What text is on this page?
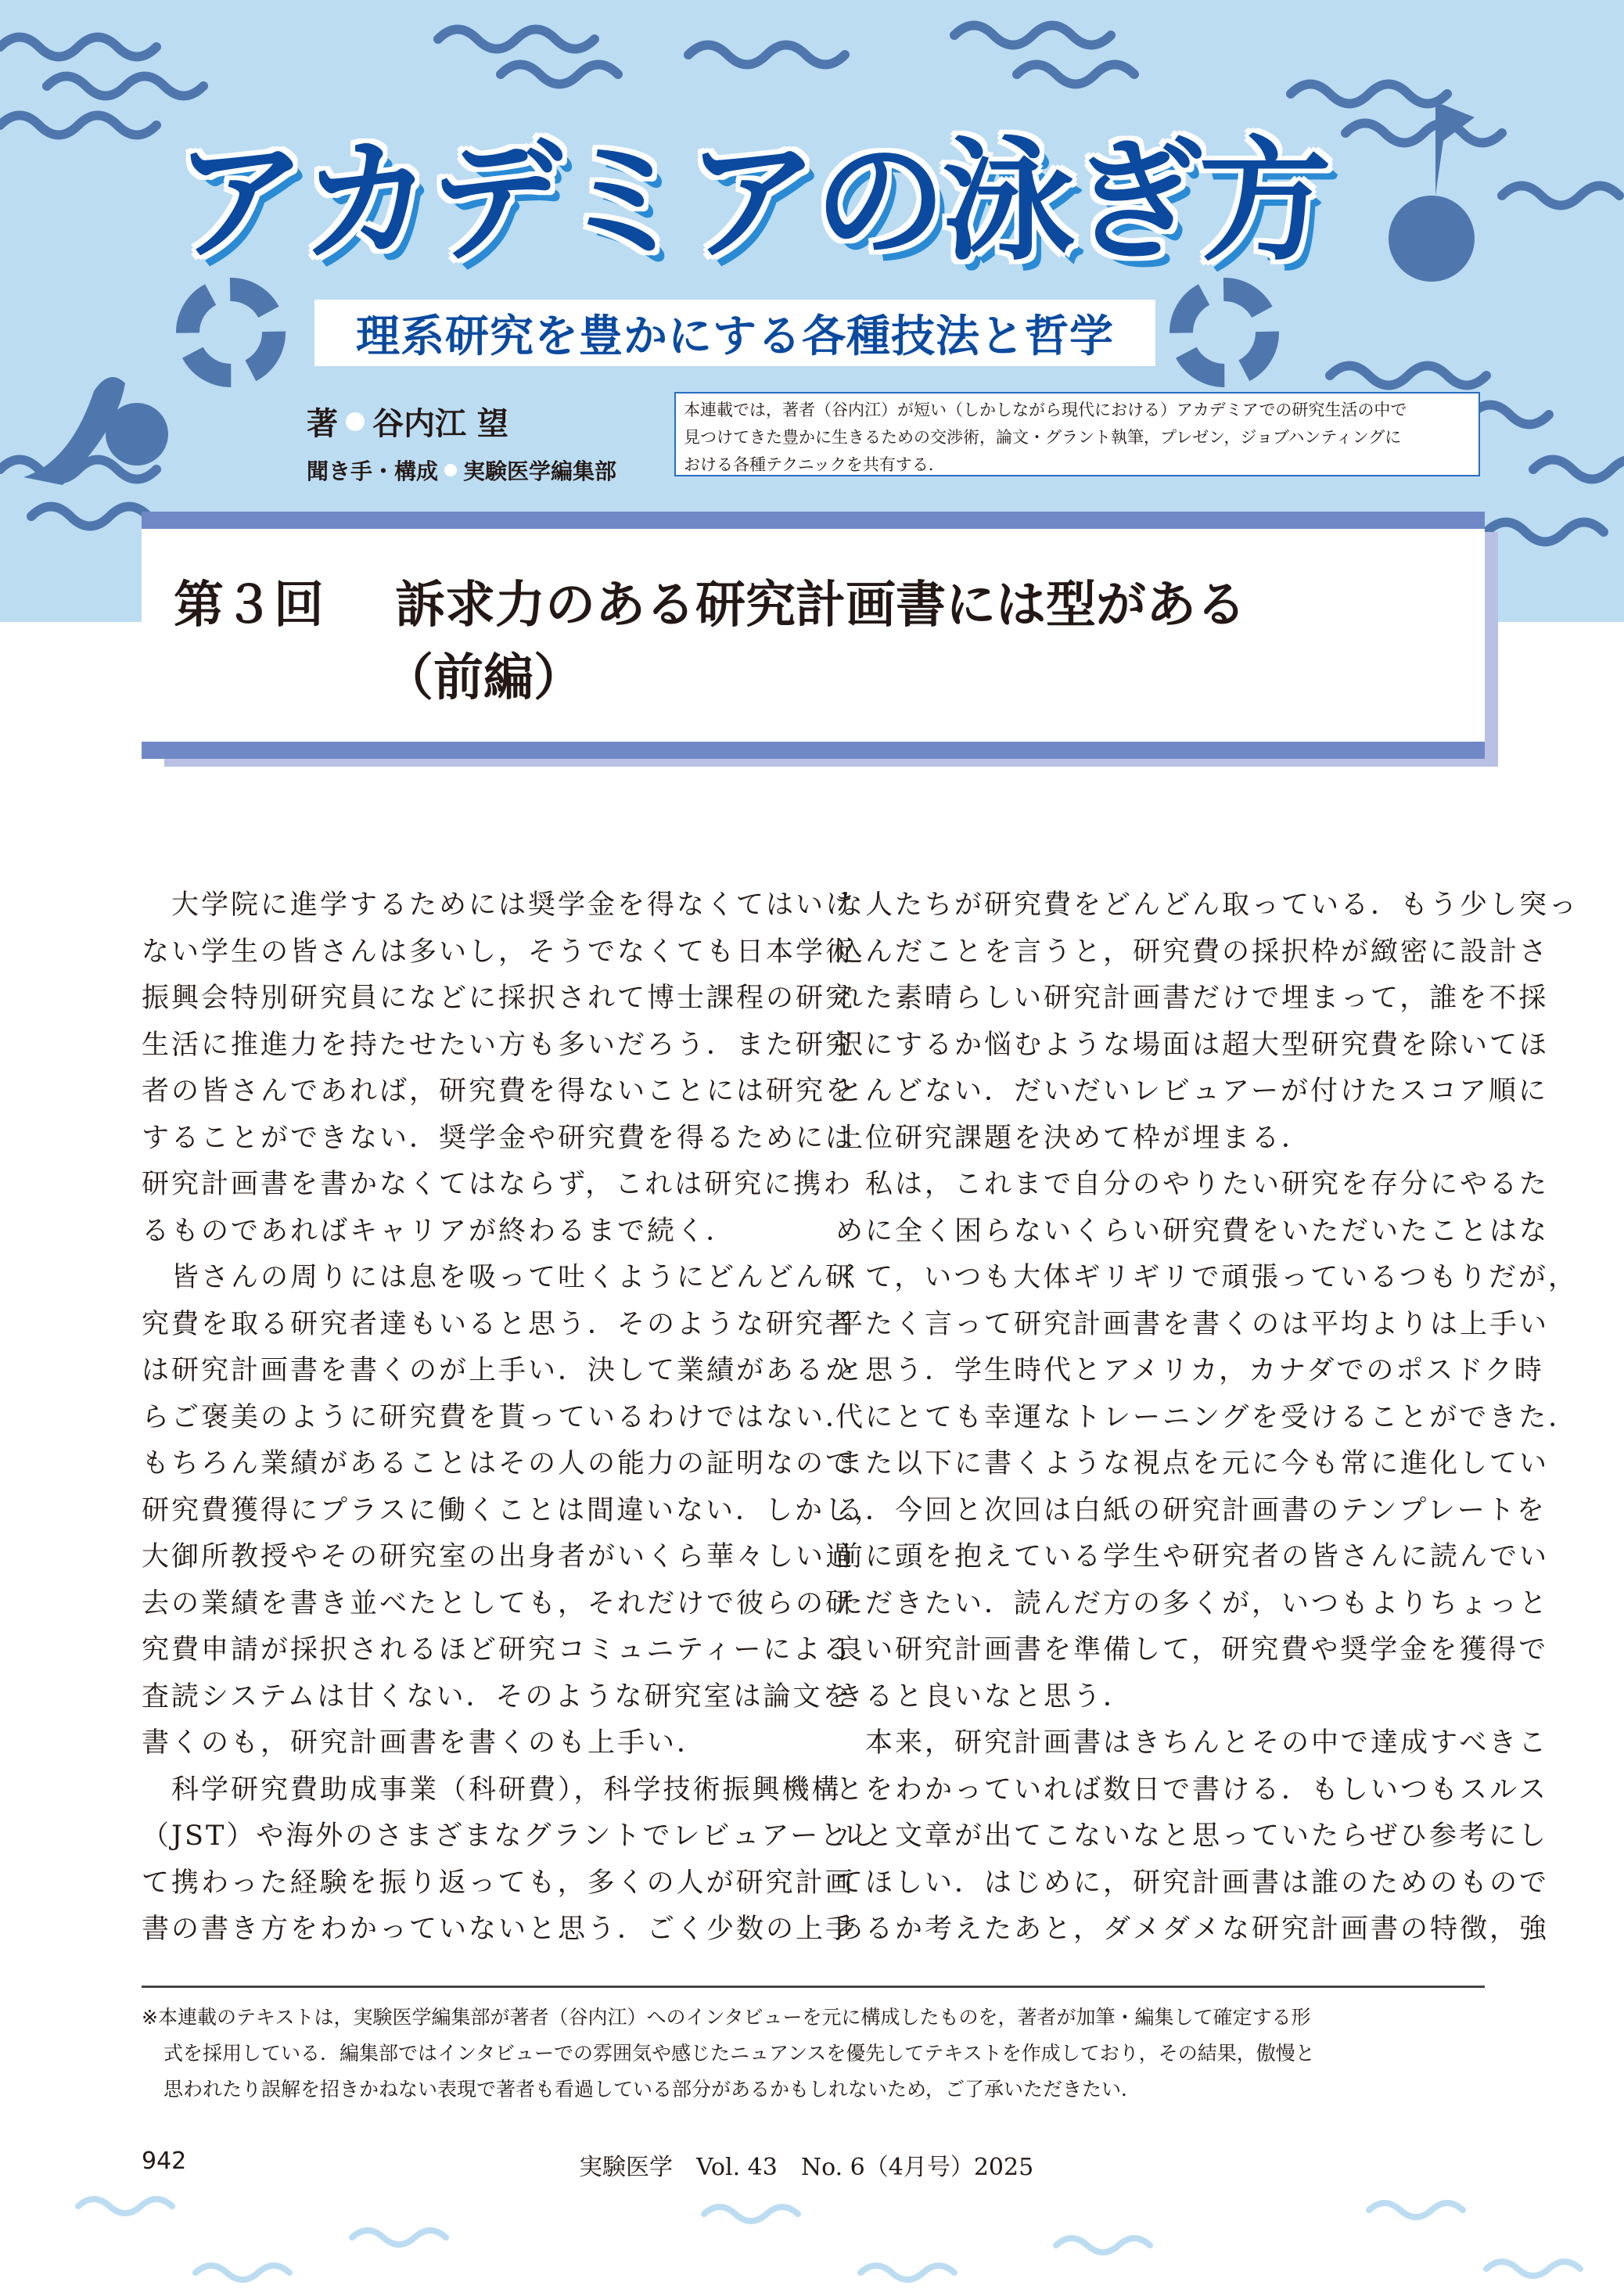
アカデミアの泳ぎ方
理系研究を豊かにする各種技法と哲学
著 谷内江 望
聞き手・構成 実験医学編集部
本連載では，著者（谷内江）が短い（しかしながら現代における）アカデミアでの研究生活の中で
見つけてきた豊かに生きるための交渉術，論文・グラント執筆，プレゼン，ジョブハンティングに
おける各種テクニックを共有する．
第３回 訴求力のある研究計画書には型がある
（前編）
　大学院に進学するためには奨学金を得なくてはいけ
ない学生の皆さんは多いし，そうでなくても日本学術
振興会特別研究員になどに採択されて博士課程の研究
生活に推進力を持たせたい方も多いだろう．また研究
者の皆さんであれば，研究費を得ないことには研究を
することができない．奨学金や研究費を得るためには
研究計画書を書かなくてはならず，これは研究に携わ
るものであればキャリアが終わるまで続く．
　皆さんの周りには息を吸って吐くようにどんどん研
究費を取る研究者達もいると思う．そのような研究者
は研究計画書を書くのが上手い．決して業績があるか
らご褒美のように研究費を貰っているわけではない．
もちろん業績があることはその人の能力の証明なので
研究費獲得にプラスに働くことは間違いない．しかし，
大御所教授やその研究室の出身者がいくら華々しい過
去の業績を書き並べたとしても，それだけで彼らの研
究費申請が採択されるほど研究コミュニティーによる
査読システムは甘くない．そのような研究室は論文を
書くのも，研究計画書を書くのも上手い．
　科学研究費助成事業（科研費），科学技術振興機構
（JST）や海外のさまざまなグラントでレビュアーとし
て携わった経験を振り返っても，多くの人が研究計画
書の書き方をわかっていないと思う．ごく少数の上手
な人たちが研究費をどんどん取っている．もう少し突っ
込んだことを言うと，研究費の採択枠が緻密に設計さ
れた素晴らしい研究計画書だけで埋まって，誰を不採
択にするか悩むような場面は超大型研究費を除いてほ
とんどない．だいだいレビュアーが付けたスコア順に
上位研究課題を決めて枠が埋まる．
　私は，これまで自分のやりたい研究を存分にやるた
めに全く困らないくらい研究費をいただいたことはな
くて，いつも大体ギリギリで頑張っているつもりだが，
平たく言って研究計画書を書くのは平均よりは上手い
と思う．学生時代とアメリカ，カナダでのポスドク時
代にとても幸運なトレーニングを受けることができた．
また以下に書くような視点を元に今も常に進化してい
る．今回と次回は白紙の研究計画書のテンプレートを
前に頭を抱えている学生や研究者の皆さんに読んでい
ただきたい．読んだ方の多くが，いつもよりちょっと
良い研究計画書を準備して，研究費や奨学金を獲得で
きると良いなと思う．
　本来，研究計画書はきちんとその中で達成すべきこ
とをわかっていれば数日で書ける．もしいつもスルス
ルと文章が出てこないなと思っていたらぜひ参考にし
てほしい．はじめに，研究計画書は誰のためのもので
あるか考えたあと，ダメダメな研究計画書の特徴，強
※本連載のテキストは，実験医学編集部が著者（谷内江）へのインタビューを元に構成したものを，著者が加筆・編集して確定する形
式を採用している．編集部ではインタビューでの雰囲気や感じたニュアンスを優先してテキストを作成しており，その結果，傲慢と
思われたり誤解を招きかねない表現で著者も看過している部分があるかもしれないため，ご了承いただきたい．
942	実験医学　Vol. 43　No. 6（4月号）2025
